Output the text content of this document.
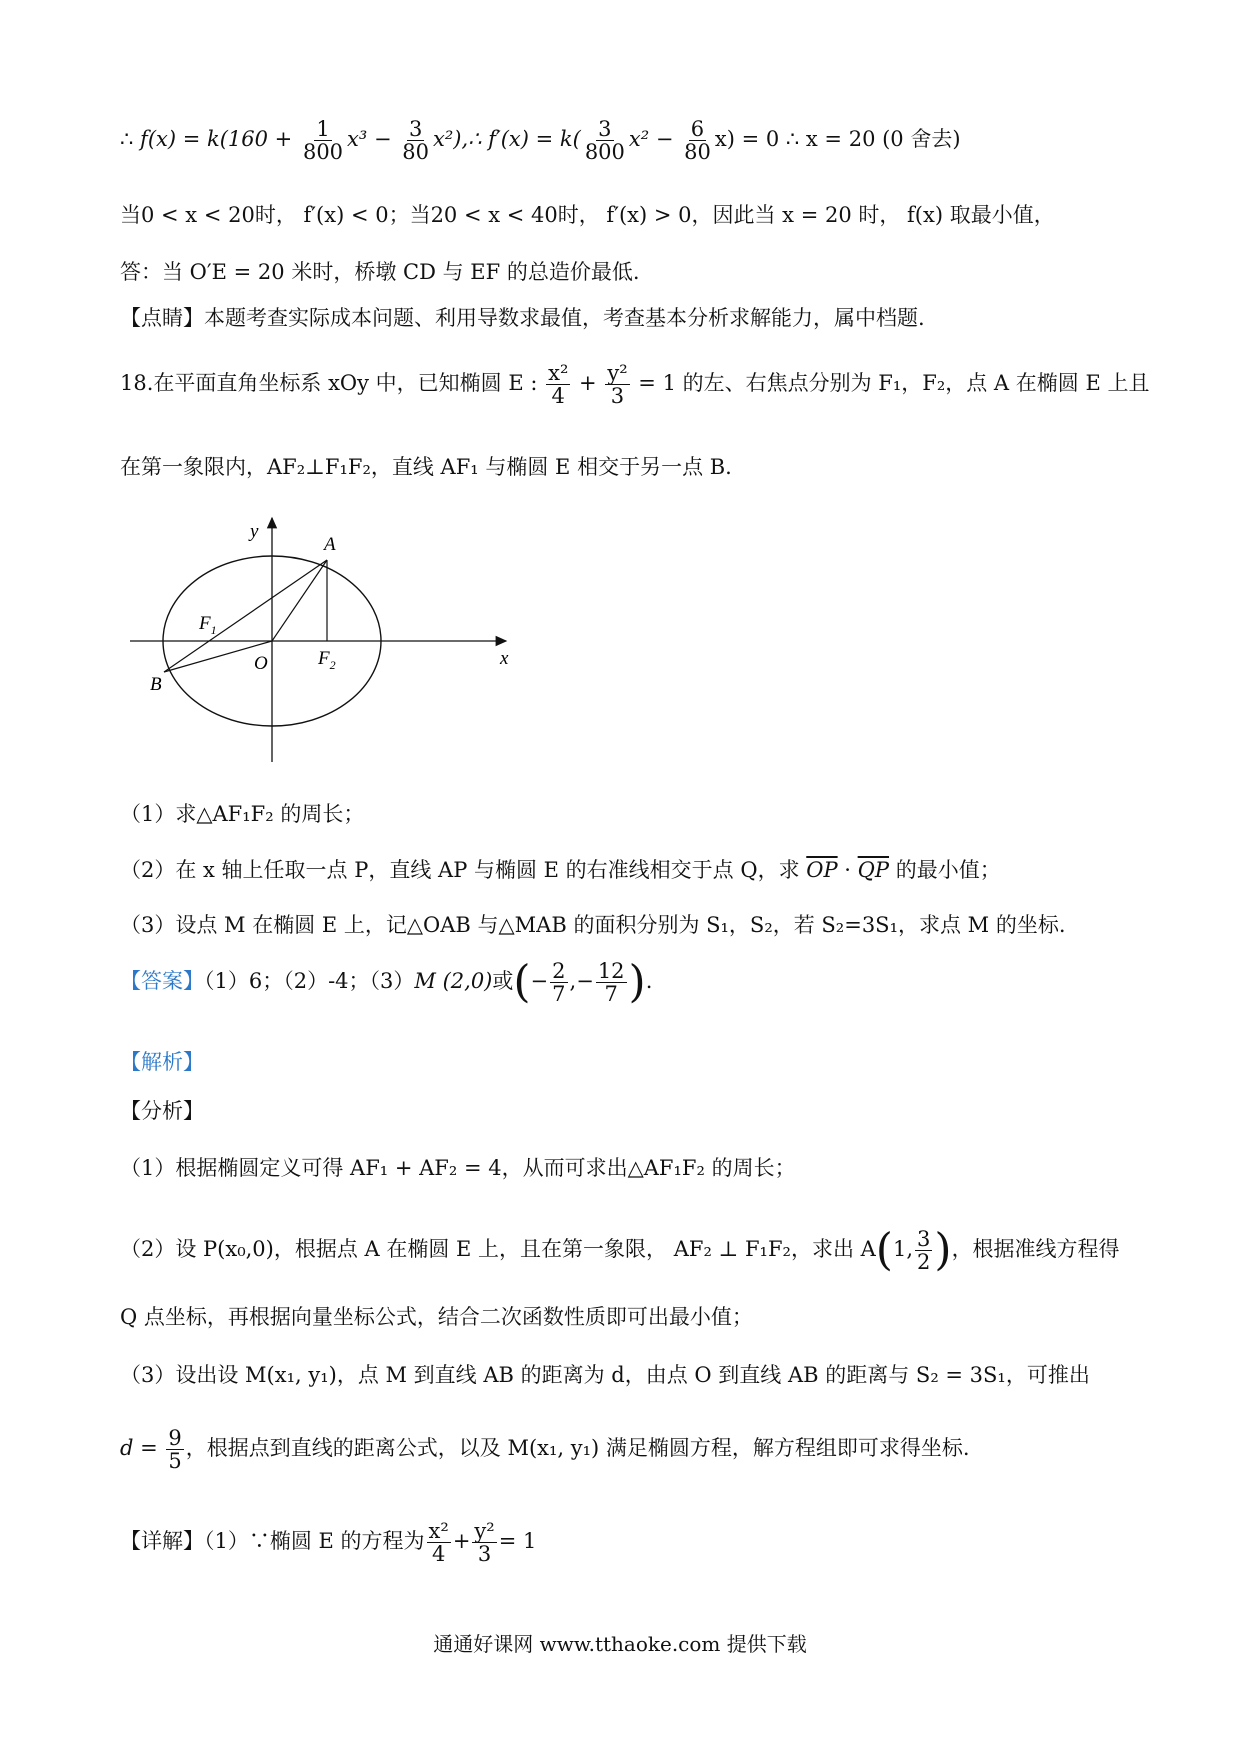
∴ $f(x) = k(160 + \frac{1}{800} x^3 - \frac{3}{80}$ x²),∴ $f'(x) = k( \frac{3}{800} x^2 - \frac{6}{80} x) = 0$ ∴ x = 20 (0 舍去)
当0 < x < 20时， f′(x) < 0；当20 < x < 40时， f′(x) > 0，因此当 x = 20 时， f(x) 取最小值，
答：当 O′E = 20 米时，桥墩 CD 与 EF 的总造价最低.
【点睛】本题考查实际成本问题、利用导数求最值，考查基本分析求解能力，属中档题.
18.在平面直角坐标系 xOy 中，已知椭圆 E : $\frac{\text{x²}}{4} + \frac{\text{y²}}{3} = 1$ 的左、右焦点分别为 F₁，F₂，点 A 在椭圆 E 上且
在第一象限内，AF₂⊥F₁F₂，直线 AF₁ 与椭圆 E 相交于另一点 B.
y
x
A
B
O
$F_1$
$F_2$
（1）求△AF₁F₂ 的周长；
（2）在 x 轴上任取一点 P，直线 AP 与椭圆 E 的右准线相交于点 Q，求 $\overline{OP} \cdot \overline{QP}$ 的最小值；
（3）设点 M 在椭圆 E 上，记△OAB 与△MAB 的面积分别为 S₁，S₂，若 S₂=3S₁，求点 M 的坐标.
【答案】（1）6；（2）-4；（3）M (2,0)或(− $\frac{2}{7}$ ,− $\frac{12}{7}$ ).
【解析】
【分析】
（1）根据椭圆定义可得 AF₁ + AF₂ = 4，从而可求出△AF₁F₂ 的周长；
（2）设 P(x₀,0)，根据点 A 在椭圆 E 上，且在第一象限， AF₂ ⊥ F₁F₂，求出 A(1, $\frac{3}{2}$ )，根据准线方程得
Q 点坐标，再根据向量坐标公式，结合二次函数性质即可出最小值；
（3）设出设 M(x₁, y₁)，点 M 到直线 AB 的距离为 d，由点 O 到直线 AB 的距离与 S₂ = 3S₁，可推出
$d = \frac{9}{5}$ ，根据点到直线的距离公式，以及 M(x₁, y₁) 满足椭圆方程，解方程组即可求得坐标.
【详解】（1）∵椭圆 E 的方程为 $\frac{\text{x²}}{4} + \frac{\text{y²}}{3} = 1$
通通好课网 www.tthaoke.com 提供下载
